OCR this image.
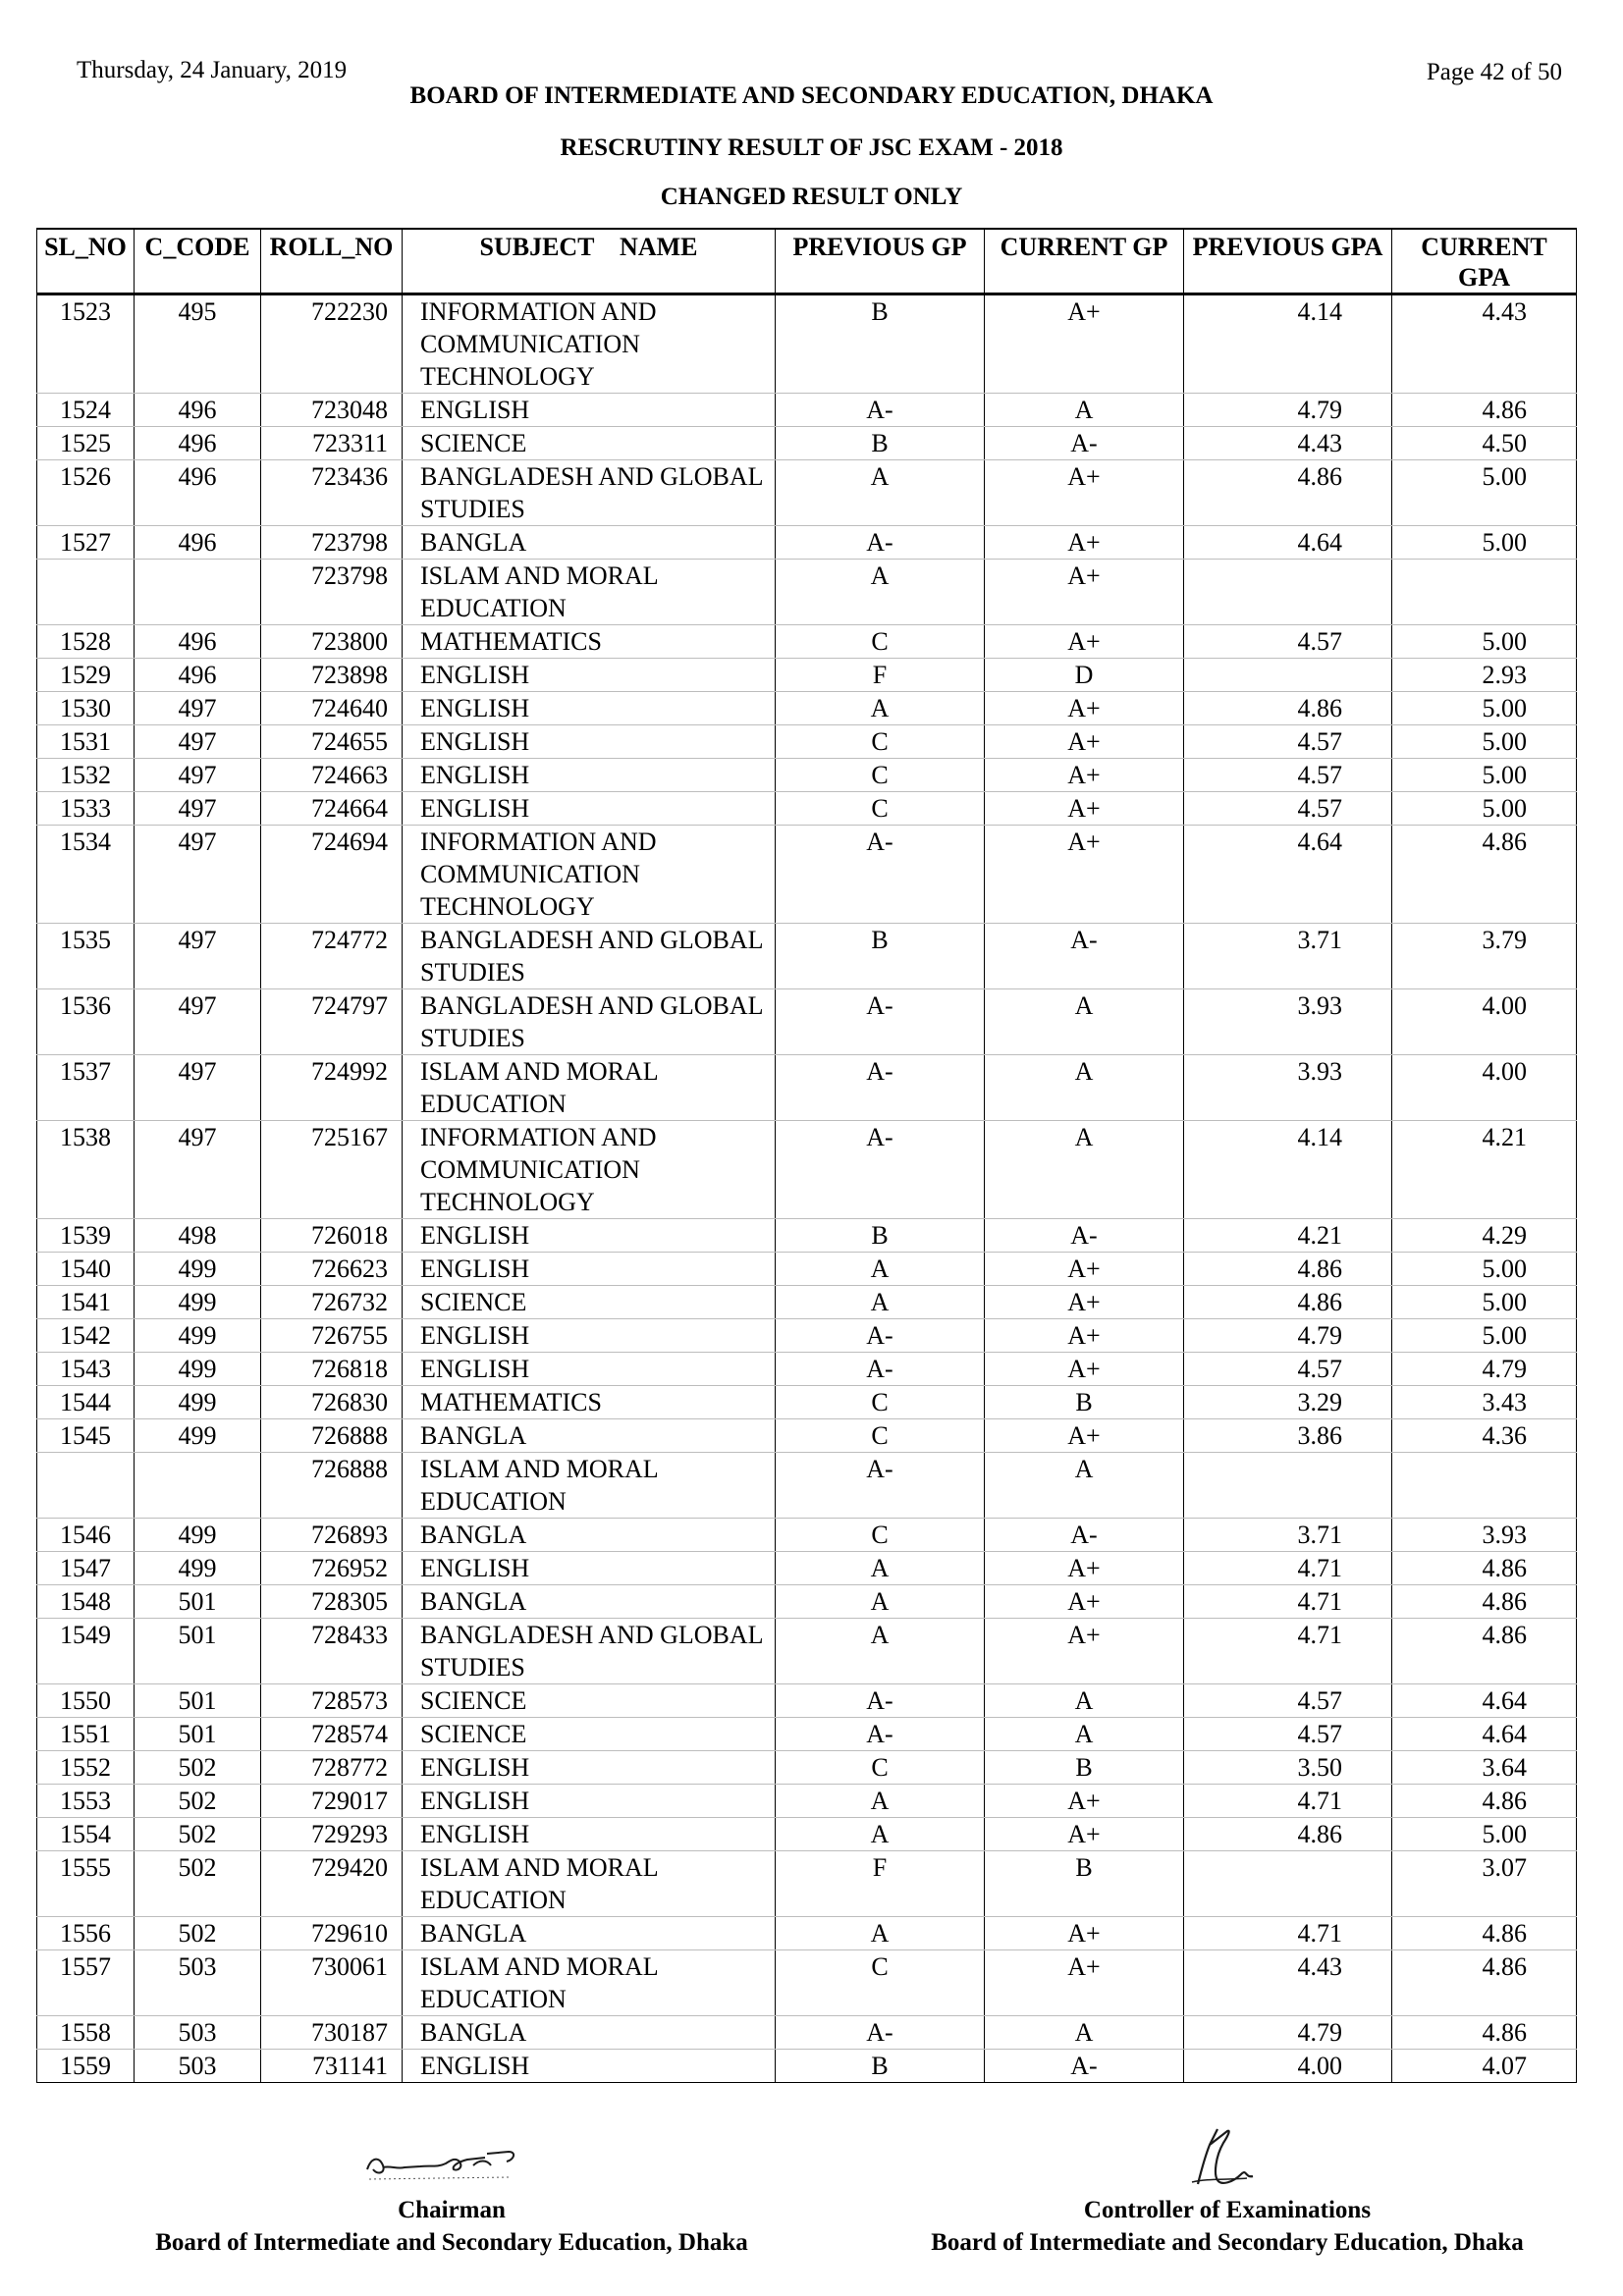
Thursday, 24 January, 2019	Page 42 of 50
BOARD OF INTERMEDIATE AND SECONDARY EDUCATION, DHAKA
RESCRUTINY RESULT OF JSC EXAM - 2018
CHANGED RESULT ONLY
SL_NO	C_CODE	ROLL_NO	SUBJECT    NAME	PREVIOUS GP	CURRENT GP	PREVIOUS GPA	CURRENT GPA
1523	495	722230	INFORMATION AND COMMUNICATION TECHNOLOGY	B	A+	4.14	4.43
1524	496	723048	ENGLISH	A-	A	4.79	4.86
1525	496	723311	SCIENCE	B	A-	4.43	4.50
1526	496	723436	BANGLADESH AND GLOBAL STUDIES	A	A+	4.86	5.00
1527	496	723798	BANGLA	A-	A+	4.64	5.00
		723798	ISLAM AND MORAL EDUCATION	A	A+		
1528	496	723800	MATHEMATICS	C	A+	4.57	5.00
1529	496	723898	ENGLISH	F	D		2.93
1530	497	724640	ENGLISH	A	A+	4.86	5.00
1531	497	724655	ENGLISH	C	A+	4.57	5.00
1532	497	724663	ENGLISH	C	A+	4.57	5.00
1533	497	724664	ENGLISH	C	A+	4.57	5.00
1534	497	724694	INFORMATION AND COMMUNICATION TECHNOLOGY	A-	A+	4.64	4.86
1535	497	724772	BANGLADESH AND GLOBAL STUDIES	B	A-	3.71	3.79
1536	497	724797	BANGLADESH AND GLOBAL STUDIES	A-	A	3.93	4.00
1537	497	724992	ISLAM AND MORAL EDUCATION	A-	A	3.93	4.00
1538	497	725167	INFORMATION AND COMMUNICATION TECHNOLOGY	A-	A	4.14	4.21
1539	498	726018	ENGLISH	B	A-	4.21	4.29
1540	499	726623	ENGLISH	A	A+	4.86	5.00
1541	499	726732	SCIENCE	A	A+	4.86	5.00
1542	499	726755	ENGLISH	A-	A+	4.79	5.00
1543	499	726818	ENGLISH	A-	A+	4.57	4.79
1544	499	726830	MATHEMATICS	C	B	3.29	3.43
1545	499	726888	BANGLA	C	A+	3.86	4.36
		726888	ISLAM AND MORAL EDUCATION	A-	A		
1546	499	726893	BANGLA	C	A-	3.71	3.93
1547	499	726952	ENGLISH	A	A+	4.71	4.86
1548	501	728305	BANGLA	A	A+	4.71	4.86
1549	501	728433	BANGLADESH AND GLOBAL STUDIES	A	A+	4.71	4.86
1550	501	728573	SCIENCE	A-	A	4.57	4.64
1551	501	728574	SCIENCE	A-	A	4.57	4.64
1552	502	728772	ENGLISH	C	B	3.50	3.64
1553	502	729017	ENGLISH	A	A+	4.71	4.86
1554	502	729293	ENGLISH	A	A+	4.86	5.00
1555	502	729420	ISLAM AND MORAL EDUCATION	F	B		3.07
1556	502	729610	BANGLA	A	A+	4.71	4.86
1557	503	730061	ISLAM AND MORAL EDUCATION	C	A+	4.43	4.86
1558	503	730187	BANGLA	A-	A	4.79	4.86
1559	503	731141	ENGLISH	B	A-	4.00	4.07
Chairman
Board of Intermediate and Secondary Education, Dhaka
Controller of Examinations
Board of Intermediate and Secondary Education, Dhaka
